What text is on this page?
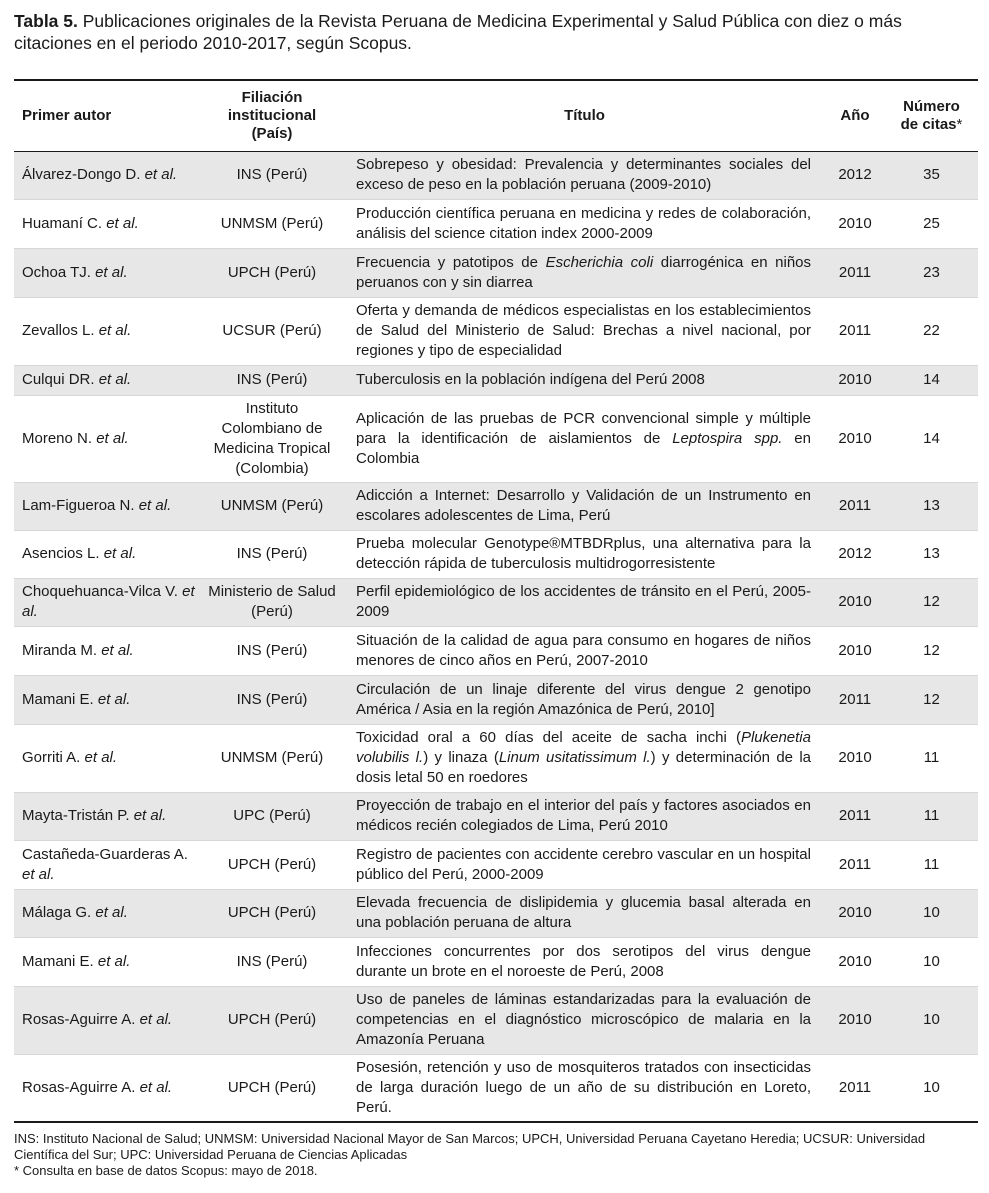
Tabla 5. Publicaciones originales de la Revista Peruana de Medicina Experimental y Salud Pública con diez o más citaciones en el periodo 2010-2017, según Scopus.
Primer autor	Filiación institucional (País)	Título	Año	Número de citas*
Álvarez-Dongo D. et al.	INS (Perú)	Sobrepeso y obesidad: Prevalencia y determinantes sociales del exceso de peso en la población peruana (2009-2010)	2012	35
Huamaní C. et al.	UNMSM (Perú)	Producción científica peruana en medicina y redes de colaboración, análisis del science citation index 2000-2009	2010	25
Ochoa TJ. et al.	UPCH (Perú)	Frecuencia y patotipos de Escherichia coli diarrogénica en niños peruanos con y sin diarrea	2011	23
Zevallos L. et al.	UCSUR (Perú)	Oferta y demanda de médicos especialistas en los establecimientos de Salud del Ministerio de Salud: Brechas a nivel nacional, por regiones y tipo de especialidad	2011	22
Culqui DR. et al.	INS (Perú)	Tuberculosis en la población indígena del Perú 2008	2010	14
Moreno N. et al.	Instituto Colombiano de Medicina Tropical (Colombia)	Aplicación de las pruebas de PCR convencional simple y múltiple para la identificación de aislamientos de Leptospira spp. en Colombia	2010	14
Lam-Figueroa N. et al.	UNMSM (Perú)	Adicción a Internet: Desarrollo y Validación de un Instrumento en escolares adolescentes de Lima, Perú	2011	13
Asencios L. et al.	INS (Perú)	Prueba molecular Genotype®MTBDRplus, una alternativa para la detección rápida de tuberculosis multidrogorresistente	2012	13
Choquehuanca-Vilca V. et al.	Ministerio de Salud (Perú)	Perfil epidemiológico de los accidentes de tránsito en el Perú, 2005-2009	2010	12
Miranda M. et al.	INS (Perú)	Situación de la calidad de agua para consumo en hogares de niños menores de cinco años en Perú, 2007-2010	2010	12
Mamani E. et al.	INS (Perú)	Circulación de un linaje diferente del virus dengue 2 genotipo América / Asia en la región Amazónica de Perú, 2010]	2011	12
Gorriti A. et al.	UNMSM (Perú)	Toxicidad oral a 60 días del aceite de sacha inchi (Plukenetia volubilis l.) y linaza (Linum usitatissimum l.) y determinación de la dosis letal 50 en roedores	2010	11
Mayta-Tristán P. et al.	UPC (Perú)	Proyección de trabajo en el interior del país y factores asociados en médicos recién colegiados de Lima, Perú 2010	2011	11
Castañeda-Guarderas A. et al.	UPCH (Perú)	Registro de pacientes con accidente cerebro vascular en un hospital público del Perú, 2000-2009	2011	11
Málaga G. et al.	UPCH (Perú)	Elevada frecuencia de dislipidemia y glucemia basal alterada en una población peruana de altura	2010	10
Mamani E. et al.	INS (Perú)	Infecciones concurrentes por dos serotipos del virus dengue durante un brote en el noroeste de Perú, 2008	2010	10
Rosas-Aguirre A. et al.	UPCH (Perú)	Uso de paneles de láminas estandarizadas para la evaluación de competencias en el diagnóstico microscópico de malaria en la Amazonía Peruana	2010	10
Rosas-Aguirre A. et al.	UPCH (Perú)	Posesión, retención y uso de mosquiteros tratados con insecticidas de larga duración luego de un año de su distribución en Loreto, Perú.	2011	10
INS: Instituto Nacional de Salud; UNMSM: Universidad Nacional Mayor de San Marcos; UPCH, Universidad Peruana Cayetano Heredia; UCSUR: Universidad Científica del Sur; UPC: Universidad Peruana de Ciencias Aplicadas
* Consulta en base de datos Scopus: mayo de 2018.
